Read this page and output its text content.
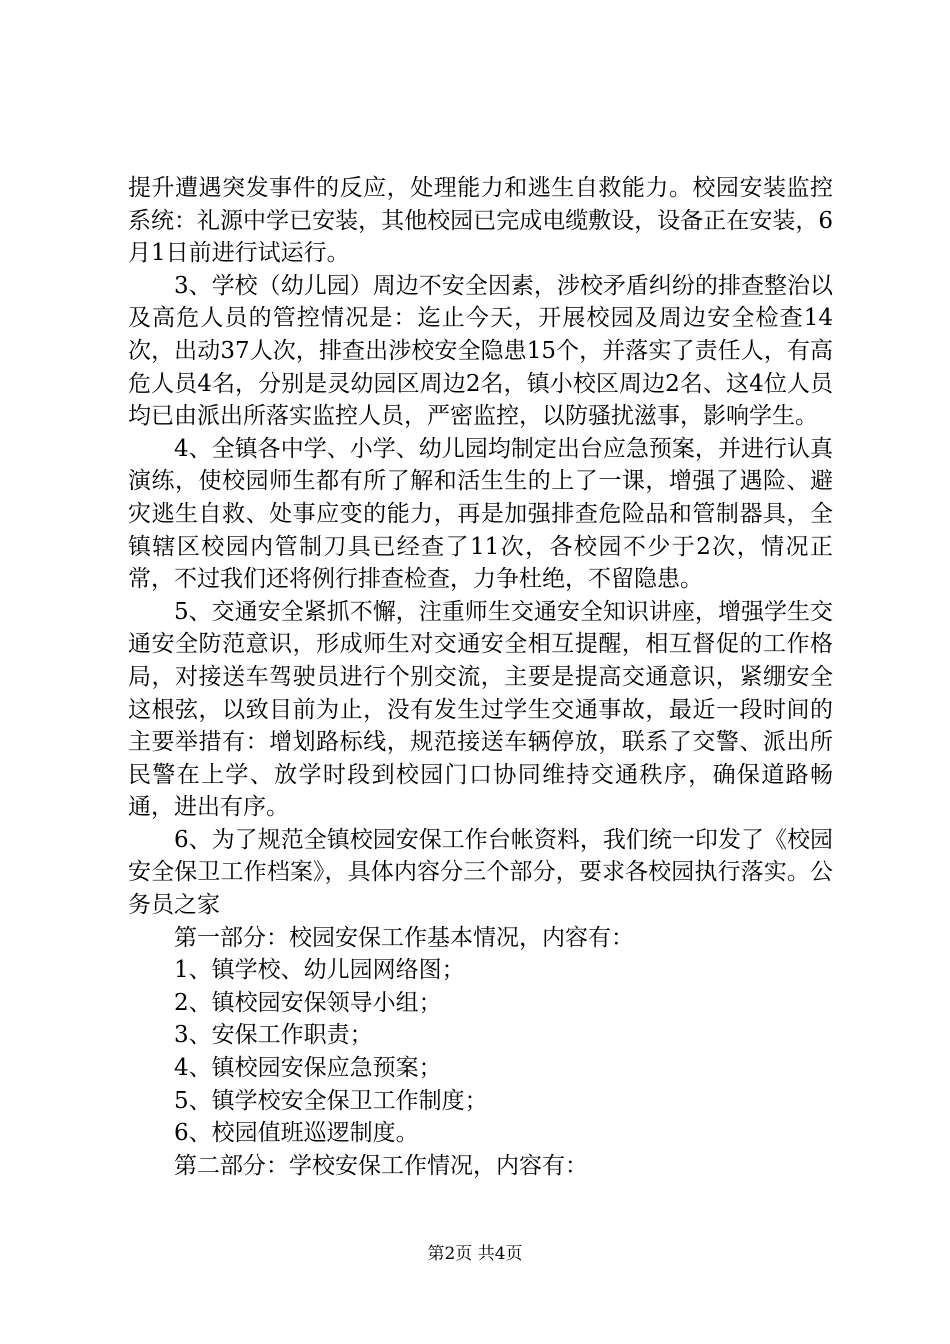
提升遭遇突发事件的反应，处理能力和逃生自救能力。校园安装监控系统：礼源中学已安装，其他校园已完成电缆敷设，设备正在安装，6月1日前进行试运行。

3、学校（幼儿园）周边不安全因素，涉校矛盾纠纷的排查整治以及高危人员的管控情况是：迄止今天，开展校园及周边安全检查14次，出动37人次，排查出涉校安全隐患15个，并落实了责任人，有高危人员4名，分别是灵幼园区周边2名，镇小校区周边2名、这4位人员均已由派出所落实监控人员，严密监控，以防骚扰滋事，影响学生。

4、全镇各中学、小学、幼儿园均制定出台应急预案，并进行认真演练，使校园师生都有所了解和活生生的上了一课，增强了遇险、避灾逃生自救、处事应变的能力，再是加强排查危险品和管制器具，全镇辖区校园内管制刀具已经查了11次，各校园不少于2次，情况正常，不过我们还将例行排查检查，力争杜绝，不留隐患。

5、交通安全紧抓不懈，注重师生交通安全知识讲座，增强学生交通安全防范意识，形成师生对交通安全相互提醒，相互督促的工作格局，对接送车驾驶员进行个别交流，主要是提高交通意识，紧绷安全这根弦，以致目前为止，没有发生过学生交通事故，最近一段时间的主要举措有：增划路标线，规范接送车辆停放，联系了交警、派出所民警在上学、放学时段到校园门口协同维持交通秩序，确保道路畅通，进出有序。

6、为了规范全镇校园安保工作台帐资料，我们统一印发了《校园安全保卫工作档案》，具体内容分三个部分，要求各校园执行落实。公务员之家

第一部分：校园安保工作基本情况，内容有：

1、镇学校、幼儿园网络图；

2、镇校园安保领导小组；

3、安保工作职责；

4、镇校园安保应急预案；

5、镇学校安全保卫工作制度；

6、校园值班巡逻制度。

第二部分：学校安保工作情况，内容有：

第2页 共4页
